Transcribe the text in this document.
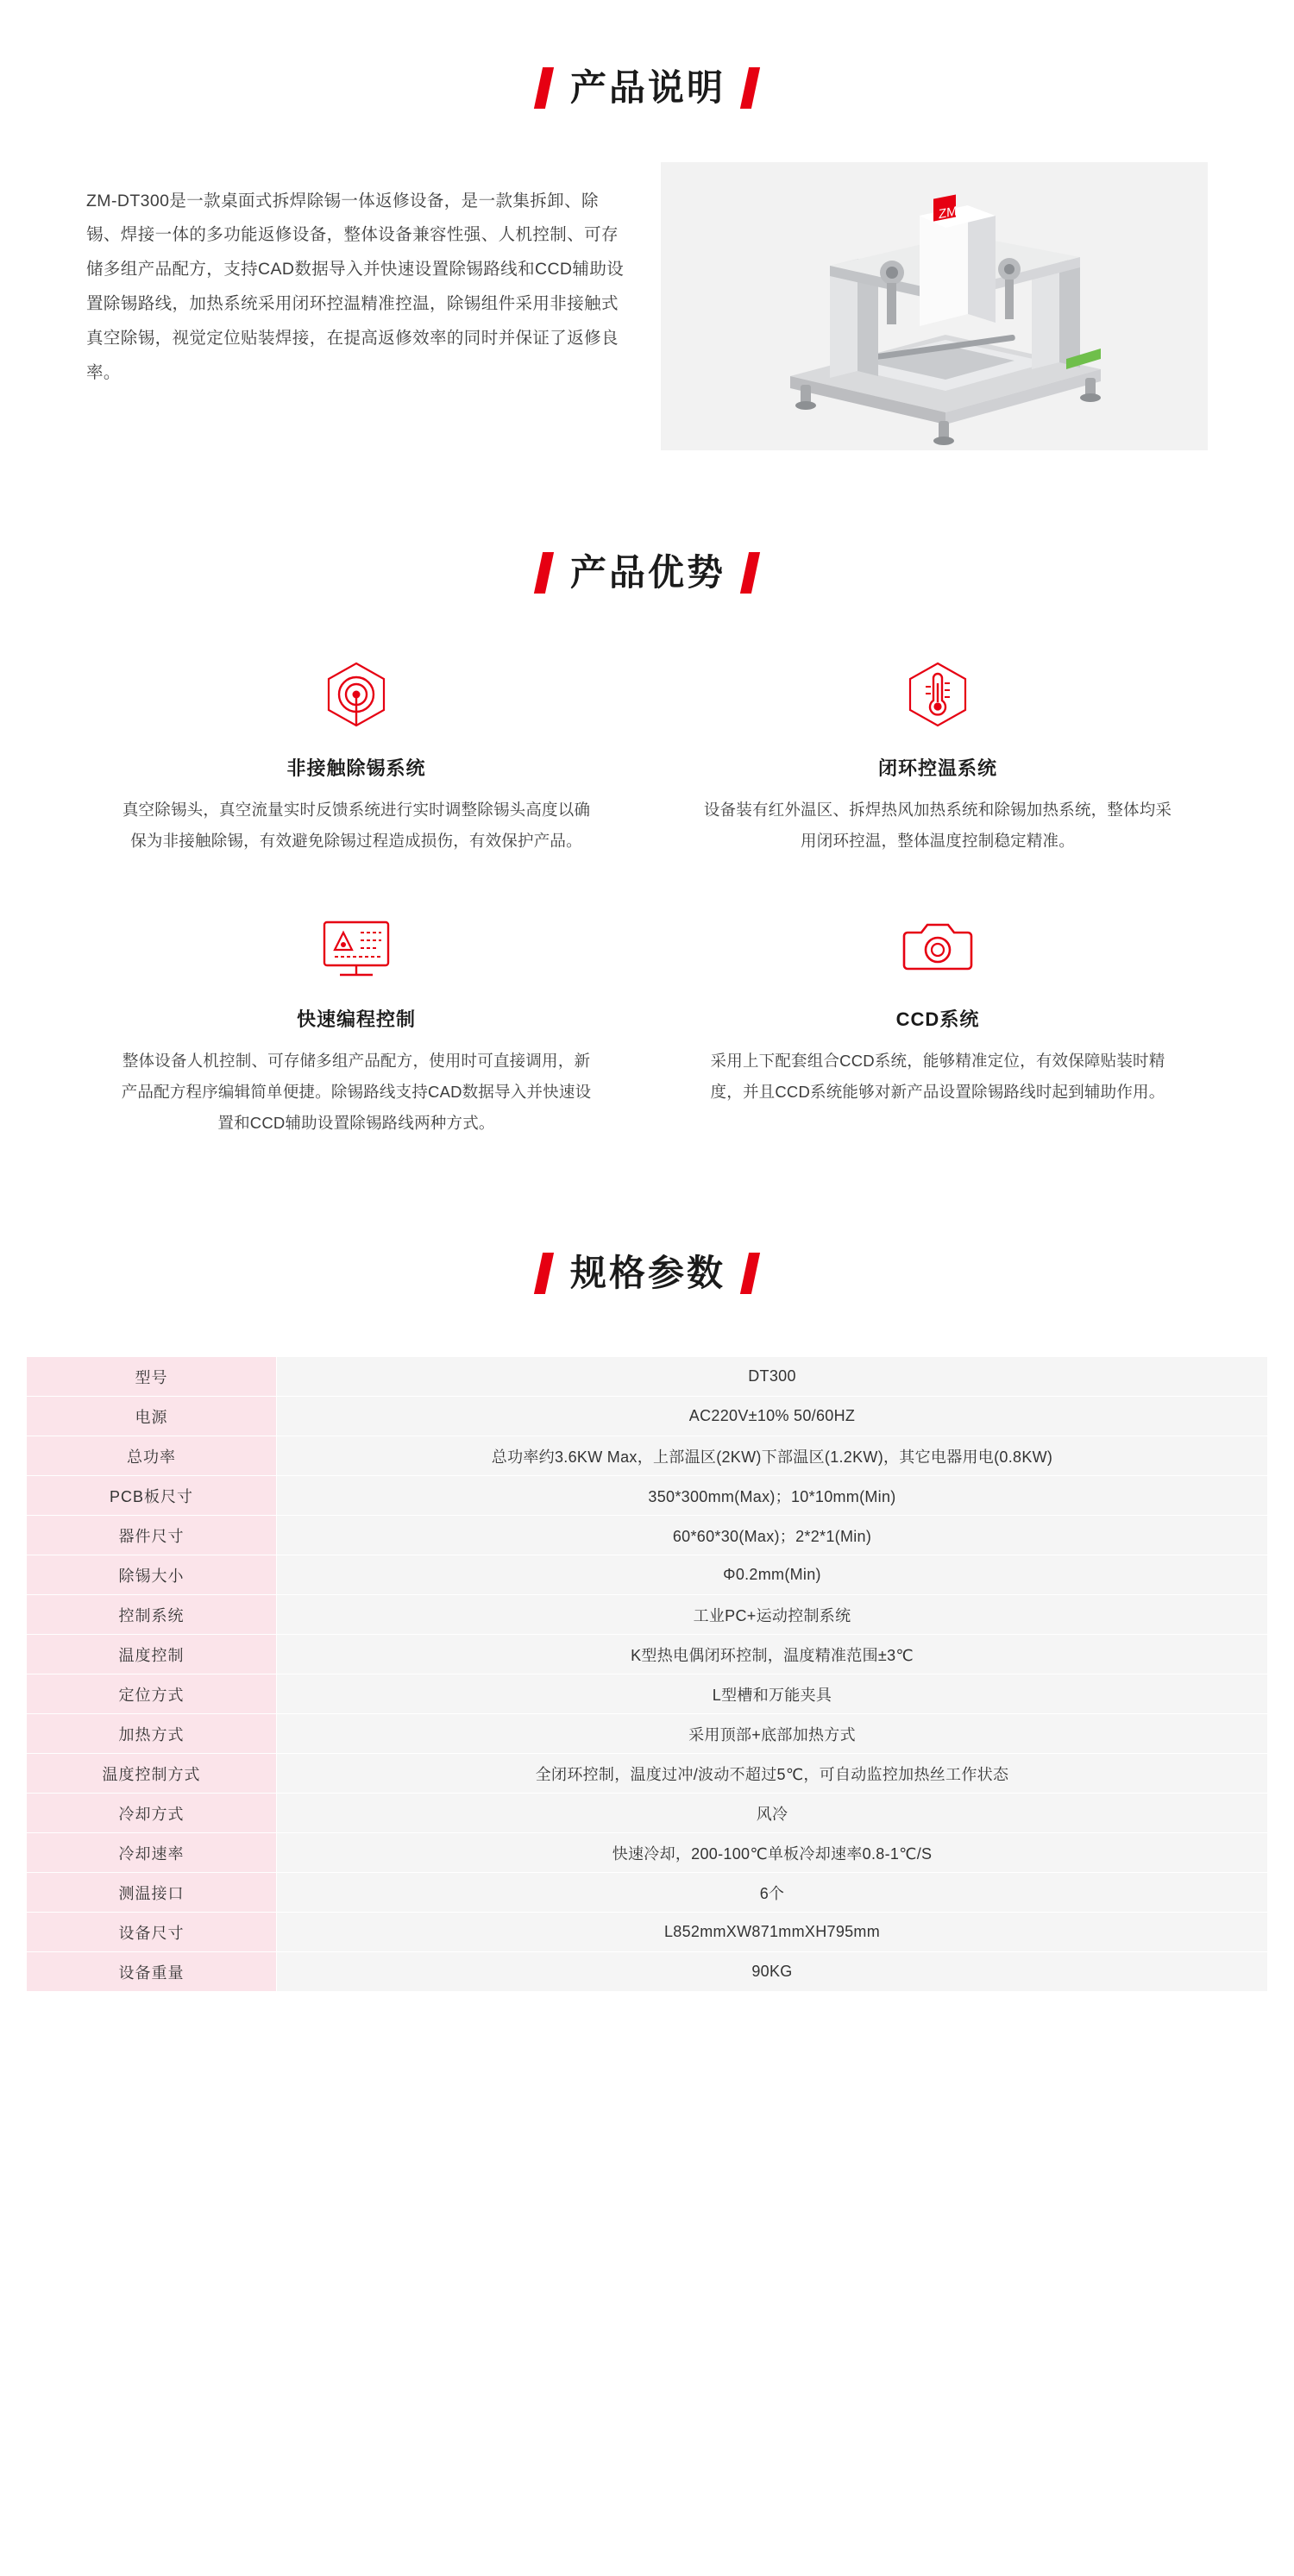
产品说明

ZM-DT300是一款桌面式拆焊除锡一体返修设备，是一款集拆卸、除锡、焊接一体的多功能返修设备，整体设备兼容性强、人机控制、可存储多组产品配方，支持CAD数据导入并快速设置除锡路线和CCD辅助设置除锡路线，加热系统采用闭环控温精准控温，除锡组件采用非接触式真空除锡，视觉定位贴装焊接，在提高返修效率的同时并保证了返修良率。

ZM
产品优势
非接触除锡系统
真空除锡头，真空流量实时反馈系统进行实时调整除锡头高度以确保为非接触除锡，有效避免除锡过程造成损伤，有效保护产品。
闭环控温系统
设备装有红外温区、拆焊热风加热系统和除锡加热系统，整体均采用闭环控温，整体温度控制稳定精准。
快速编程控制
整体设备人机控制、可存储多组产品配方，使用时可直接调用，新产品配方程序编辑简单便捷。除锡路线支持CAD数据导入并快速设置和CCD辅助设置除锡路线两种方式。
CCD系统
采用上下配套组合CCD系统，能够精准定位，有效保障贴装时精度，并且CCD系统能够对新产品设置除锡路线时起到辅助作用。
规格参数
型号	DT300
电源	AC220V±10% 50/60HZ
总功率	总功率约3.6KW Max，上部温区(2KW)下部温区(1.2KW)，其它电器用电(0.8KW)
PCB板尺寸	350*300mm(Max)；10*10mm(Min)
器件尺寸	60*60*30(Max)；2*2*1(Min)
除锡大小	Φ0.2mm(Min)
控制系统	工业PC+运动控制系统
温度控制	K型热电偶闭环控制，温度精准范围±3℃
定位方式	L型槽和万能夹具
加热方式	采用顶部+底部加热方式
温度控制方式	全闭环控制，温度过冲/波动不超过5℃，可自动监控加热丝工作状态
冷却方式	风冷
冷却速率	快速冷却，200-100℃单板冷却速率0.8-1℃/S
测温接口	6个
设备尺寸	L852mmXW871mmXH795mm
设备重量	90KG
